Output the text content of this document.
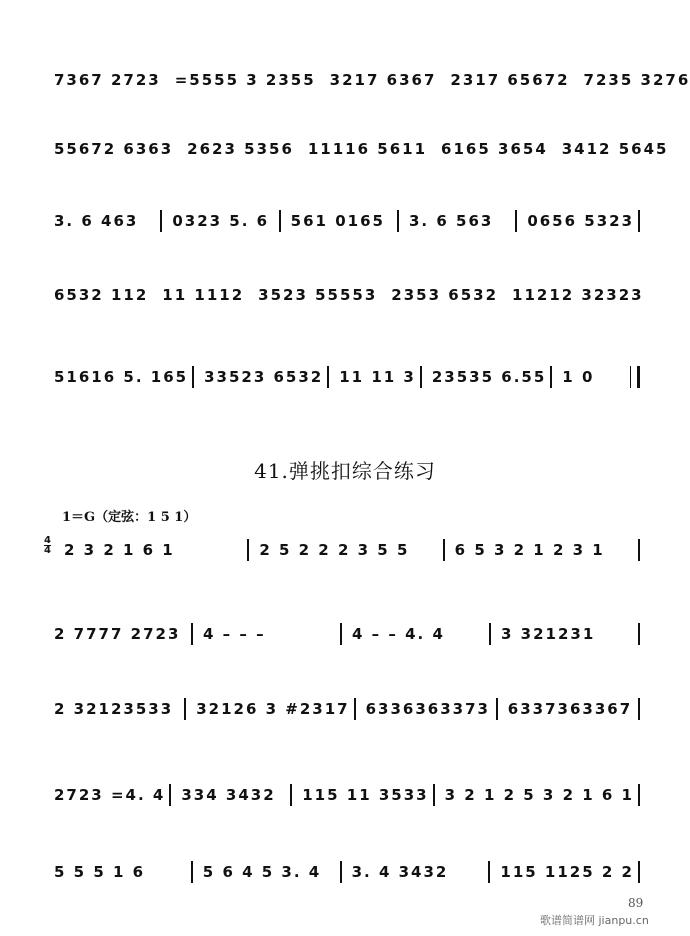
7367 2723 =5555 3 2355 3217 6367 2317 65672 7235 3276
55672 6363 2623 5356 11116 5611 6165 3654 3412 5645
3. 6 463	0323 5. 6	561 0165	3. 6 563	0656 5323
6532 112 11 1112 3523 55553 2353 6532 11212 32323
51616 5. 165	33523 6532	11 11 3	23535 6.55	1 0
41.弹挑扣综合练习
1＝G（定弦：1 5 1）
4
4 2 3 2 1 6 1	2 5 2 2 2 3 5 5	6 5 3 2 1 2 3 1
2 7777 2723	4 – – –	4 – – 4. 4	3 321231
2 32123533	32126 3 #2317	6336363373	6337363367
2723 =4. 4	334 3432	115 11 3533	3 2 1 2 5 3 2 1 6 1
5 5 5 1 6	5 6 4 5 3. 4	3. 4 3432	115 1125 2 2
89
歌谱简谱网 jianpu.cn
